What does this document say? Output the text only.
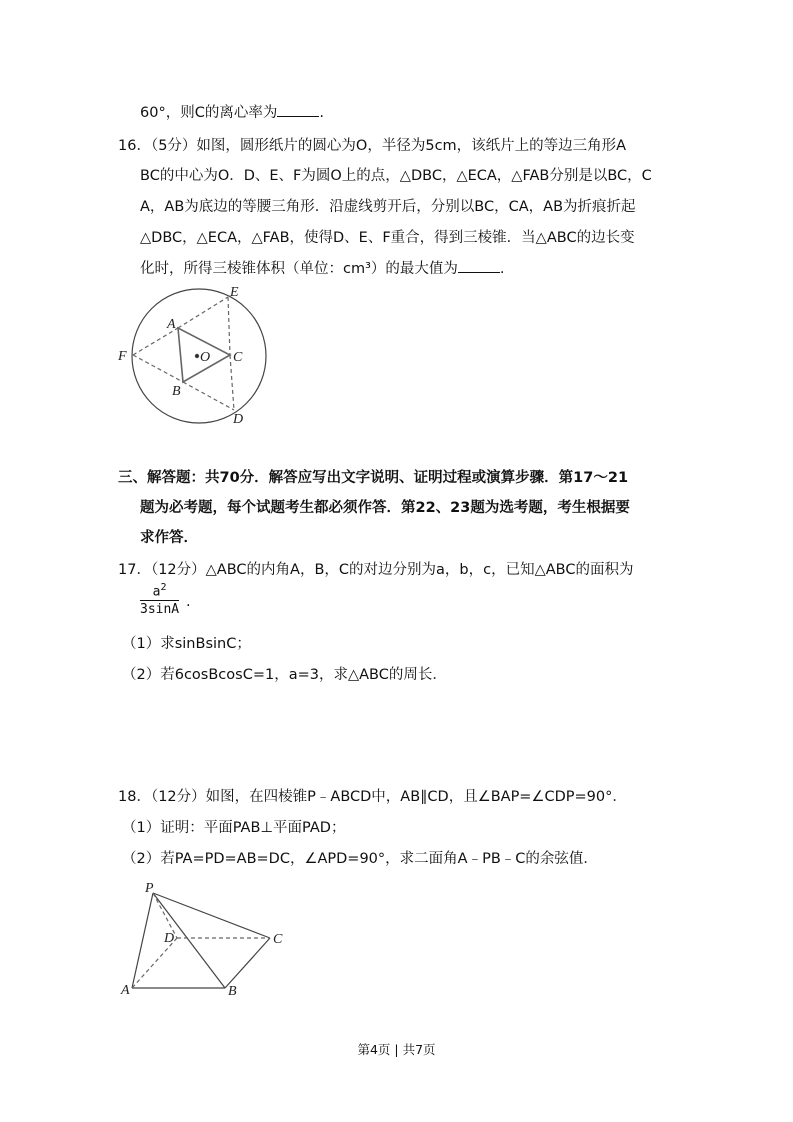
60°，则C的离心率为	.
16．（5分）如图，圆形纸片的圆心为O，半径为5cm，该纸片上的等边三角形A
BC的中心为O．D、E、F为圆O上的点，△DBC，△ECA，△FAB分别是以BC，C
A，AB为底边的等腰三角形．沿虚线剪开后，分别以BC，CA，AB为折痕折起
△DBC，△ECA，△FAB，使得D、E、F重合，得到三棱锥．当△ABC的边长变
化时，所得三棱锥体积（单位：cm³）的最大值为	.
E
A
F	O C
B
D
P
D	C
A	B
三、解答题：共70分．解答应写出文字说明、证明过程或演算步骤．第17～21
题为必考题，每个试题考生都必须作答．第22、23题为选考题，考生根据要
求作答．
17．（12分）△ABC的内角A，B，C的对边分别为a，b，c，已知△ABC的面积为
$\frac{a^2}{3\sin A}$ .
（1）求sinBsinC；
（2）若6cosBcosC=1，a=3，求△ABC的周长．
18．（12分）如图，在四棱锥P﹣ABCD中，AB∥CD，且∠BAP=∠CDP=90°．
（1）证明：平面PAB⊥平面PAD；
（2）若PA=PD=AB=DC，∠APD=90°，求二面角A﹣PB﹣C的余弦值．
第4页 | 共7页
